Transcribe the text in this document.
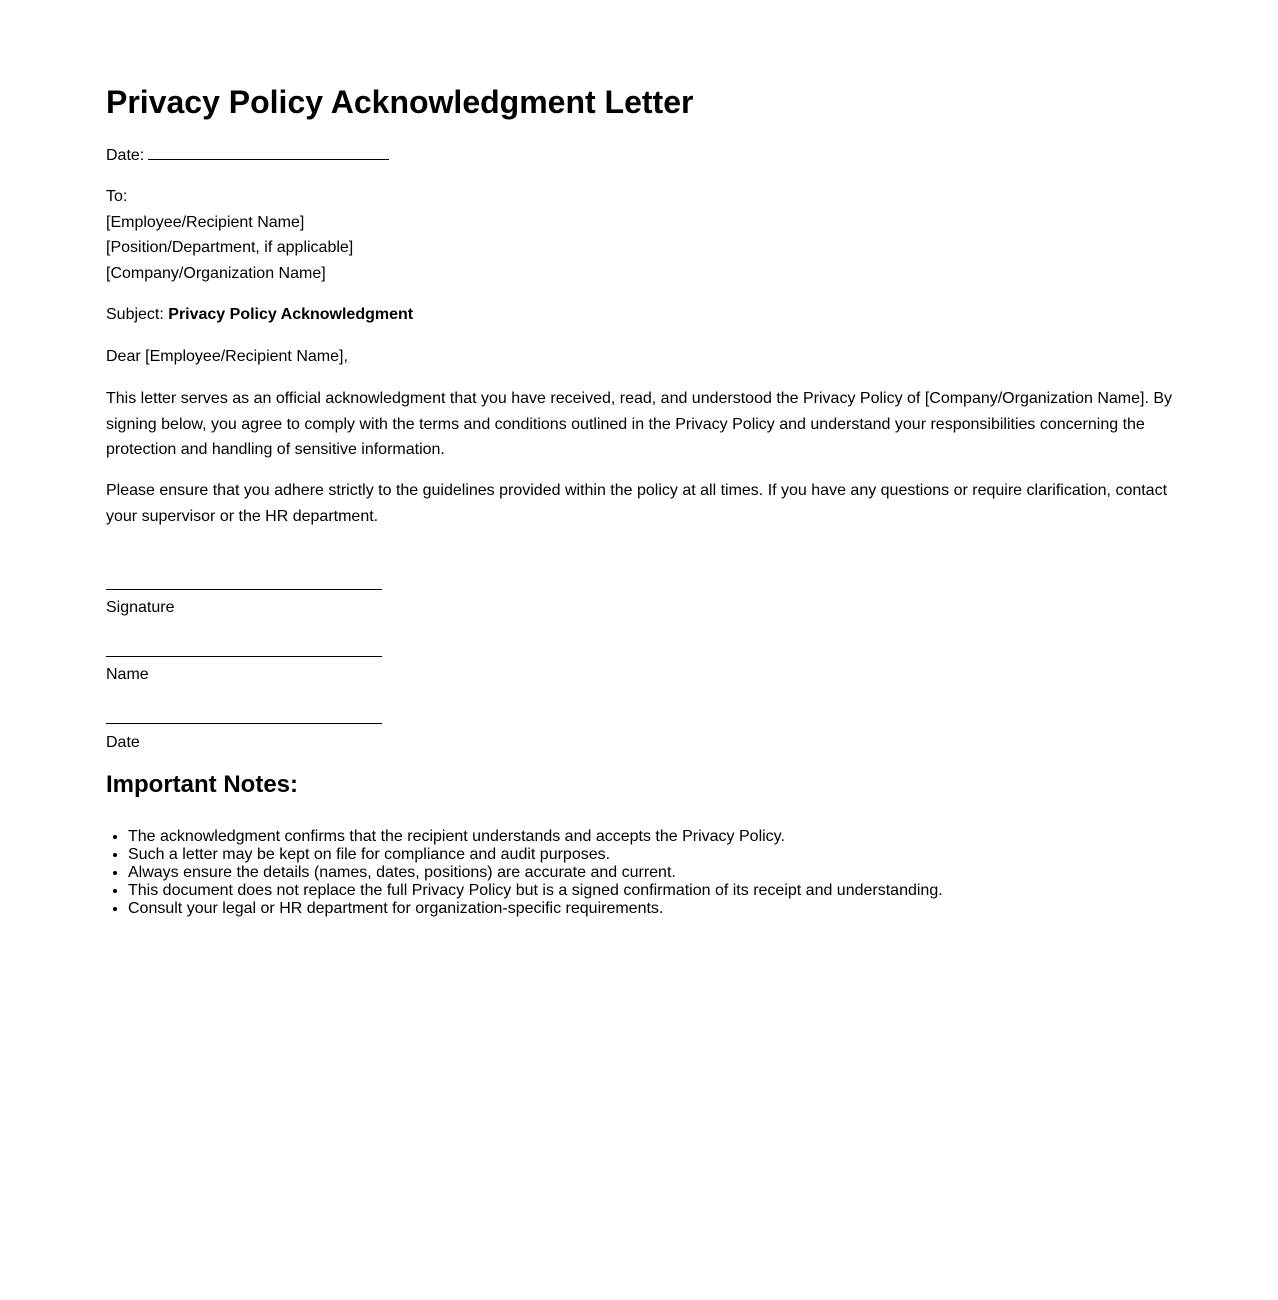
Privacy Policy Acknowledgment Letter
Date:
To:
[Employee/Recipient Name]
[Position/Department, if applicable]
[Company/Organization Name]
Subject: Privacy Policy Acknowledgment
Dear [Employee/Recipient Name],

This letter serves as an official acknowledgment that you have received, read, and understood the Privacy Policy of [Company/Organization Name]. By signing below, you agree to comply with the terms and conditions outlined in the Privacy Policy and understand your responsibilities concerning the protection and handling of sensitive information.

Please ensure that you adhere strictly to the guidelines provided within the policy at all times. If you have any questions or require clarification, contact your supervisor or the HR department.

Signature
Name
Date
Important Notes:
• The acknowledgment confirms that the recipient understands and accepts the Privacy Policy.
• Such a letter may be kept on file for compliance and audit purposes.
• Always ensure the details (names, dates, positions) are accurate and current.
• This document does not replace the full Privacy Policy but is a signed confirmation of its receipt and understanding.
• Consult your legal or HR department for organization-specific requirements.
